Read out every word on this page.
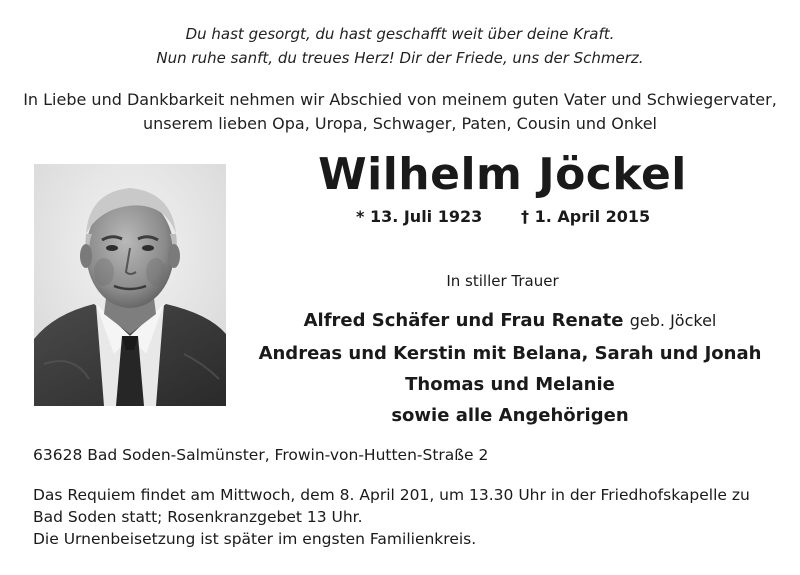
Du hast gesorgt, du hast geschafft weit über deine Kraft.
Nun ruhe sanft, du treues Herz! Dir der Friede, uns der Schmerz.
In Liebe und Dankbarkeit nehmen wir Abschied von meinem guten Vater und Schwiegervater,
unserem lieben Opa, Uropa, Schwager, Paten, Cousin und Onkel
Wilhelm Jöckel
* 13. Juli 1923 † 1. April 2015
In stiller Trauer
Alfred Schäfer und Frau Renate geb. Jöckel
Andreas und Kerstin mit Belana, Sarah und Jonah
Thomas und Melanie
sowie alle Angehörigen
63628 Bad Soden-Salmünster, Frowin-von-Hutten-Straße 2
Das Requiem findet am Mittwoch, dem 8. April 201, um 13.30 Uhr in der Friedhofskapelle zu
Bad Soden statt; Rosenkranzgebet 13 Uhr.
Die Urnenbeisetzung ist später im engsten Familienkreis.
